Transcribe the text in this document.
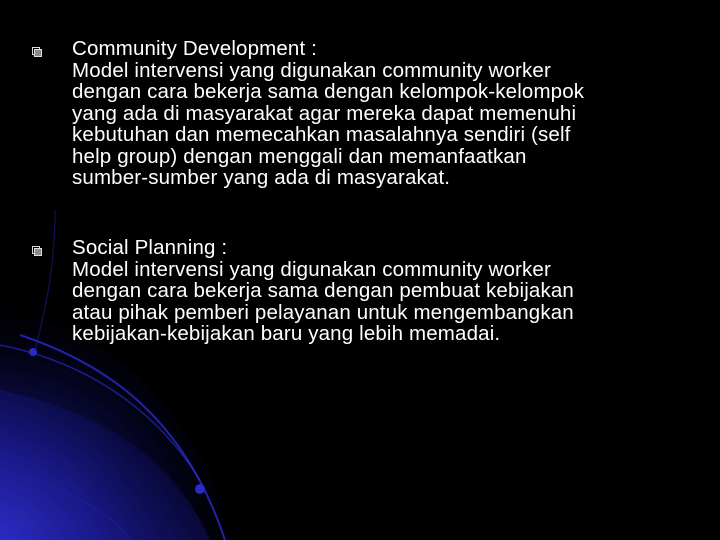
Community Development :
Model intervensi yang digunakan community worker
dengan cara bekerja sama dengan kelompok-kelompok
yang ada di masyarakat agar mereka dapat memenuhi
kebutuhan dan memecahkan masalahnya sendiri (self
help group) dengan menggali dan memanfaatkan
sumber-sumber yang ada di masyarakat.
Social Planning :
Model intervensi yang digunakan community worker
dengan cara bekerja sama dengan pembuat kebijakan
atau pihak pemberi pelayanan untuk mengembangkan
kebijakan-kebijakan baru yang lebih memadai.
